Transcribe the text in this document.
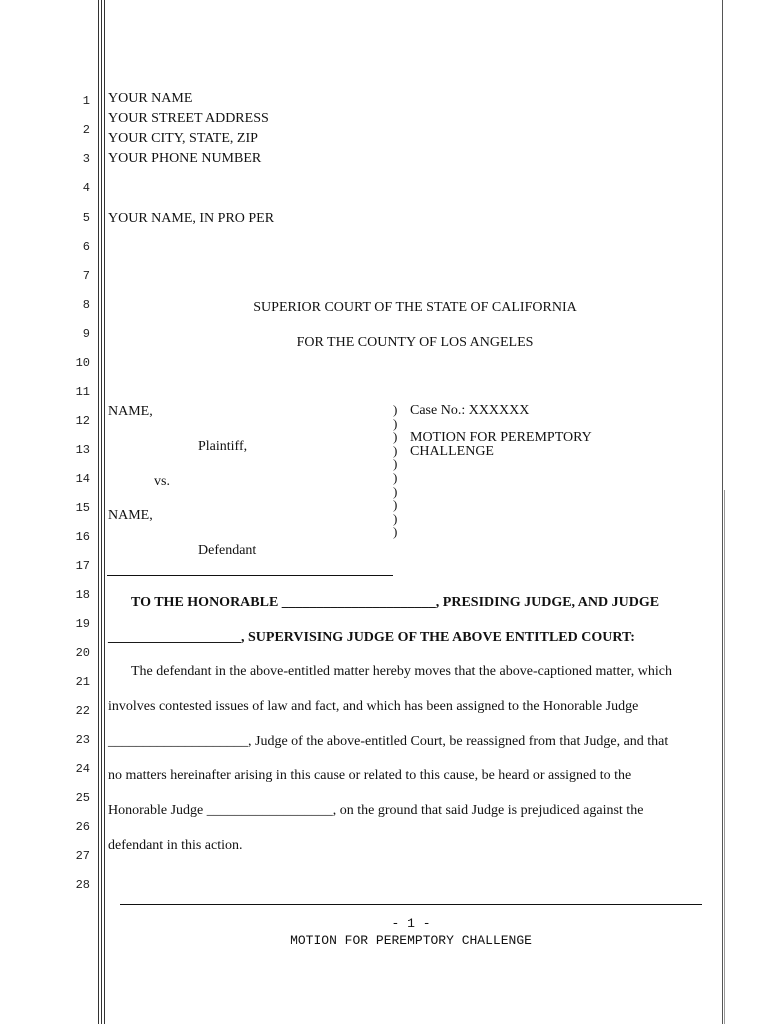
1
2
3
4
5
6
7
8
9
10
11
12
13
14
15
16
17
18
19
20
21
22
23
24
25
26
27
28
YOUR NAME
YOUR STREET ADDRESS
YOUR CITY, STATE, ZIP
YOUR PHONE NUMBER
YOUR NAME, IN PRO PER
SUPERIOR COURT OF THE STATE OF CALIFORNIA
FOR THE COUNTY OF LOS ANGELES
NAME,
Plaintiff,
vs.
NAME,
Defendant
)
)
)
)
)
)
)
)
)
)
Case No.: XXXXXX
MOTION FOR PEREMPTORY
CHALLENGE
TO THE HONORABLE ______________________, PRESIDING JUDGE, AND JUDGE
___________________, SUPERVISING JUDGE OF THE ABOVE ENTITLED COURT:
The defendant in the above-entitled matter hereby moves that the above-captioned matter, which
involves contested issues of law and fact, and which has been assigned to the Honorable Judge
____________________, Judge of the above-entitled Court, be reassigned from that Judge, and that
no matters hereinafter arising in this cause or related to this cause, be heard or assigned to the
Honorable Judge __________________, on the ground that said Judge is prejudiced against the
defendant in this action.
- 1 -
MOTION FOR PEREMPTORY CHALLENGE
